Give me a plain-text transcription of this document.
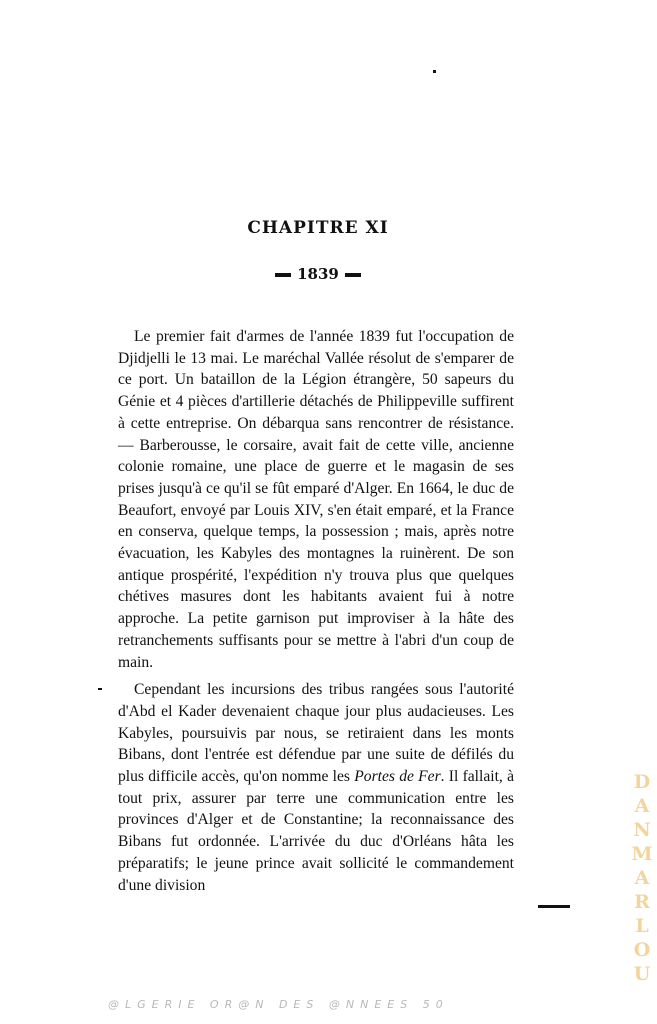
CHAPITRE XI
1839

Le premier fait d'armes de l'année 1839 fut l'occupation de Djidjelli le 13 mai. Le maréchal Vallée résolut de s'emparer de ce port. Un bataillon de la Légion étrangère, 50 sapeurs du Génie et 4 pièces d'artillerie détachés de Philippeville suffirent à cette entreprise. On débarqua sans rencontrer de résistance. — Barberousse, le corsaire, avait fait de cette ville, ancienne colonie romaine, une place de guerre et le magasin de ses prises jusqu'à ce qu'il se fût emparé d'Alger. En 1664, le duc de Beaufort, envoyé par Louis XIV, s'en était emparé, et la France en conserva, quelque temps, la possession ; mais, après notre évacuation, les Kabyles des montagnes la ruinèrent. De son antique prospérité, l'expédition n'y trouva plus que quelques chétives masures dont les habitants avaient fui à notre approche. La petite garnison put improviser à la hâte des retranchements suffisants pour se mettre à l'abri d'un coup de main.

Cependant les incursions des tribus rangées sous l'autorité d'Abd el Kader devenaient chaque jour plus audacieuses. Les Kabyles, poursuivis par nous, se retiraient dans les monts Bibans, dont l'entrée est défendue par une suite de défilés du plus difficile accès, qu'on nomme les Portes de Fer. Il fallait, à tout prix, assurer par terre une communication entre les provinces d'Alger et de Constantine; la reconnaissance des Bibans fut ordonnée. L'arrivée du duc d'Orléans hâta les préparatifs; le jeune prince avait sollicité le commandement d'une division

D
A
N
M
A
R
L
O
U
@LGERIE OR@N DES @NNEES 50
